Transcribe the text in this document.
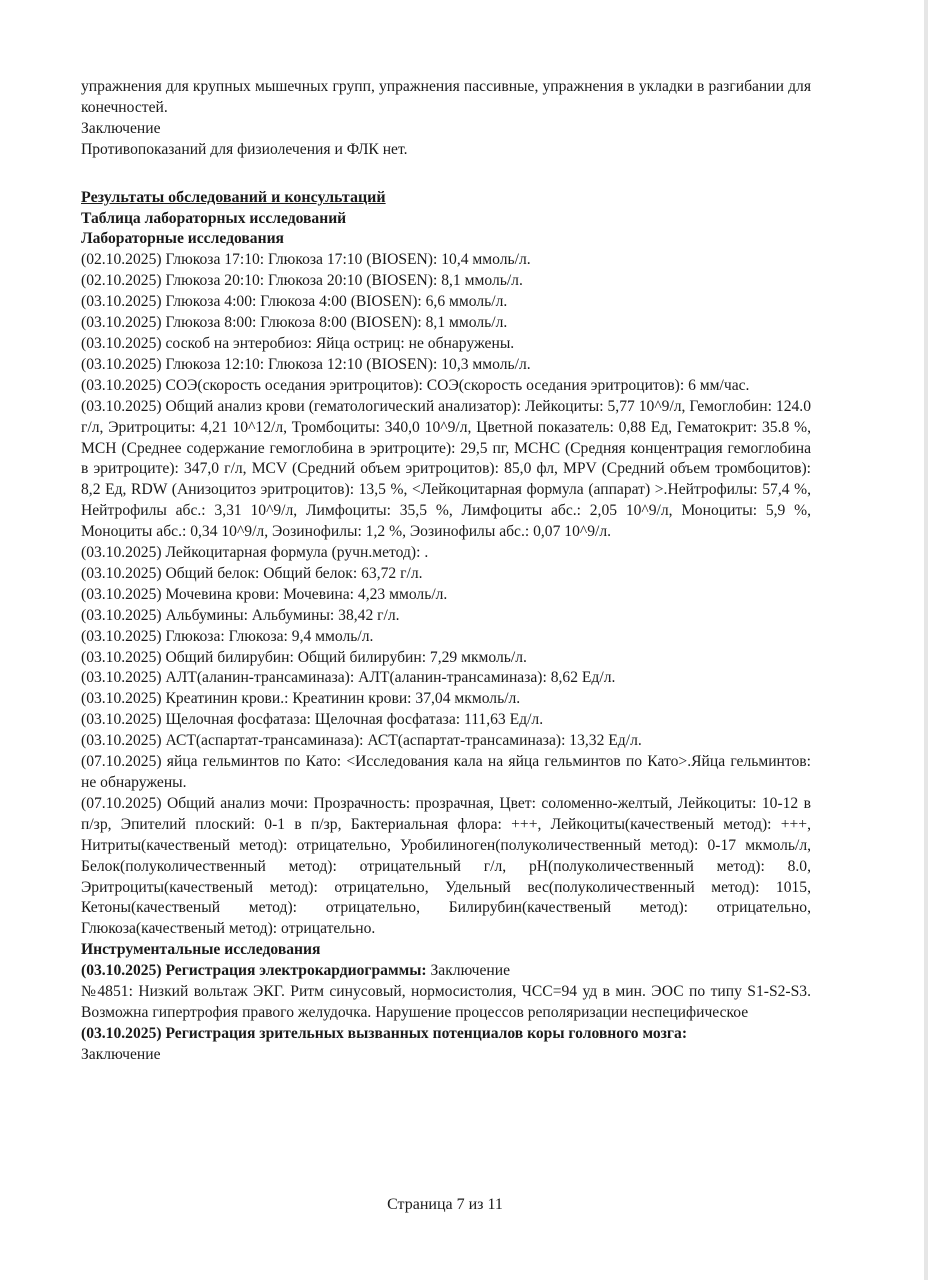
упражнения для крупных мышечных групп, упражнения пассивные, упражнения в укладки в разгибании для конечностей.

Заключение

Противопоказаний для физиолечения и ФЛК нет.

Результаты обследований и консультаций

Таблица лабораторных исследований

Лабораторные исследования

(02.10.2025) Глюкоза 17:10: Глюкоза 17:10 (BIOSEN): 10,4 ммоль/л.

(02.10.2025) Глюкоза 20:10: Глюкоза 20:10 (BIOSEN): 8,1 ммоль/л.

(03.10.2025) Глюкоза 4:00: Глюкоза 4:00 (BIOSEN): 6,6 ммоль/л.

(03.10.2025) Глюкоза 8:00: Глюкоза 8:00 (BIOSEN): 8,1 ммоль/л.

(03.10.2025) соскоб на энтеробиоз: Яйца остриц: не обнаружены.

(03.10.2025) Глюкоза 12:10: Глюкоза 12:10 (BIOSEN): 10,3 ммоль/л.

(03.10.2025) СОЭ(скорость оседания эритроцитов): СОЭ(скорость оседания эритроцитов): 6 мм/час.

(03.10.2025) Общий анализ крови (гематологический анализатор): Лейкоциты: 5,77 10^9/л, Гемоглобин: 124.0 г/л, Эритроциты: 4,21 10^12/л, Тромбоциты: 340,0 10^9/л, Цветной показатель: 0,88 Ед, Гематокрит: 35.8 %, MCH (Среднее содержание гемоглобина в эритроците): 29,5 пг, MCHC (Средняя концентрация гемоглобина в эритроците): 347,0 г/л, MCV (Средний объем эритроцитов): 85,0 фл, MPV (Средний объем тромбоцитов): 8,2 Ед, RDW (Анизоцитоз эритроцитов): 13,5 %, <Лейкоцитарная формула (аппарат) >.Нейтрофилы: 57,4 %, Нейтрофилы абс.: 3,31 10^9/л, Лимфоциты: 35,5 %, Лимфоциты абс.: 2,05 10^9/л, Моноциты: 5,9 %, Моноциты абс.: 0,34 10^9/л, Эозинофилы: 1,2 %, Эозинофилы абс.: 0,07 10^9/л.

(03.10.2025) Лейкоцитарная формула (ручн.метод): .

(03.10.2025) Общий белок: Общий белок: 63,72 г/л.

(03.10.2025) Мочевина крови: Мочевина: 4,23 ммоль/л.

(03.10.2025) Альбумины: Альбумины: 38,42 г/л.

(03.10.2025) Глюкоза: Глюкоза: 9,4 ммоль/л.

(03.10.2025) Общий билирубин: Общий билирубин: 7,29 мкмоль/л.

(03.10.2025) АЛТ(аланин-трансаминаза): АЛТ(аланин-трансаминаза): 8,62 Ед/л.

(03.10.2025) Креатинин крови.: Креатинин крови: 37,04 мкмоль/л.

(03.10.2025) Щелочная фосфатаза: Щелочная фосфатаза: 111,63 Ед/л.

(03.10.2025) АСТ(аспартат-трансаминаза): АСТ(аспартат-трансаминаза): 13,32 Ед/л.

(07.10.2025) яйца гельминтов по Като: <Исследования кала на яйца гельминтов по Като>.Яйца гельминтов: не обнаружены.

(07.10.2025) Общий анализ мочи: Прозрачность: прозрачная, Цвет: соломенно-желтый, Лейкоциты: 10-12 в п/зр, Эпителий плоский: 0-1 в п/зр, Бактериальная флора: +++, Лейкоциты(качественый метод): +++, Нитриты(качественый метод): отрицательно, Уробилиноген(полуколичественный метод): 0-17 мкмоль/л, Белок(полуколичественный метод): отрицательный г/л, pH(полуколичественный метод): 8.0, Эритроциты(качественый метод): отрицательно, Удельный вес(полуколичественный метод): 1015, Кетоны(качественый метод): отрицательно, Билирубин(качественый метод): отрицательно, Глюкоза(качественый метод): отрицательно.

Инструментальные исследования

(03.10.2025) Регистрация электрокардиограммы: Заключение

№4851: Низкий вольтаж ЭКГ. Ритм синусовый, нормосистолия, ЧСС=94 уд в мин. ЭОС по типу S1-S2-S3. Возможна гипертрофия правого желудочка. Нарушение процессов реполяризации неспецифическое

(03.10.2025) Регистрация зрительных вызванных потенциалов коры головного мозга:

Заключение

Страница 7 из 11
